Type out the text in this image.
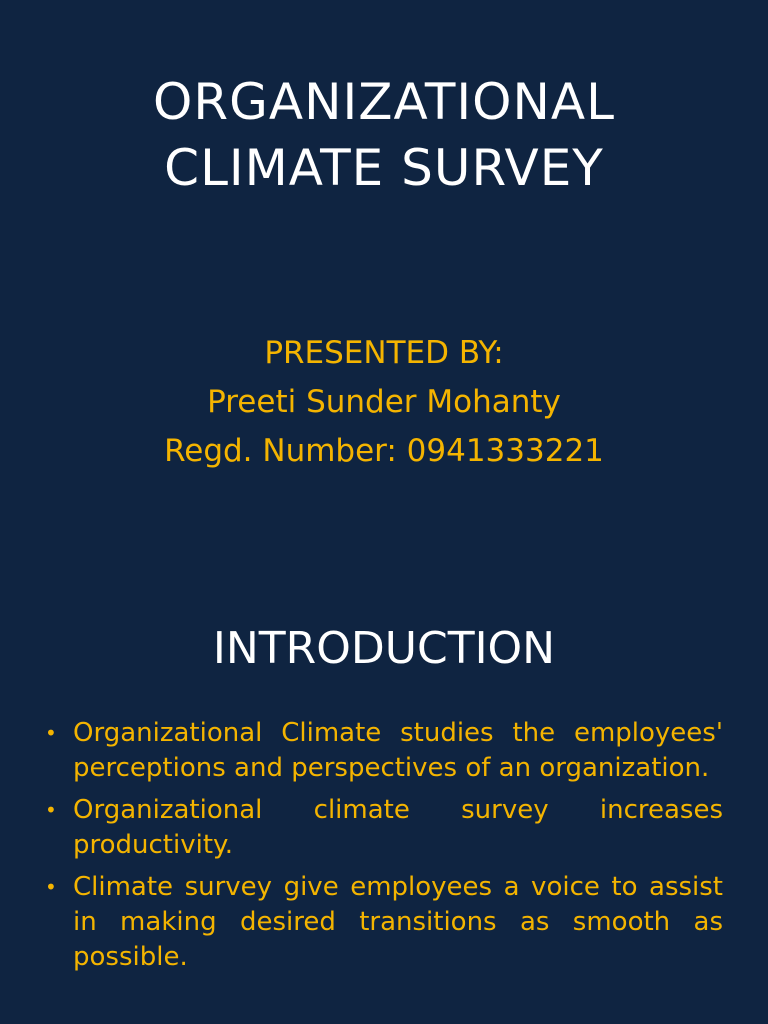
ORGANIZATIONAL
CLIMATE SURVEY
PRESENTED BY:
Preeti Sunder Mohanty
Regd. Number: 0941333221
INTRODUCTION
• Organizational Climate studies the employees' perceptions and perspectives of an organization.
• Organizational climate survey increases productivity.
• Climate survey give employees a voice to assist in making desired transitions as smooth as possible.
